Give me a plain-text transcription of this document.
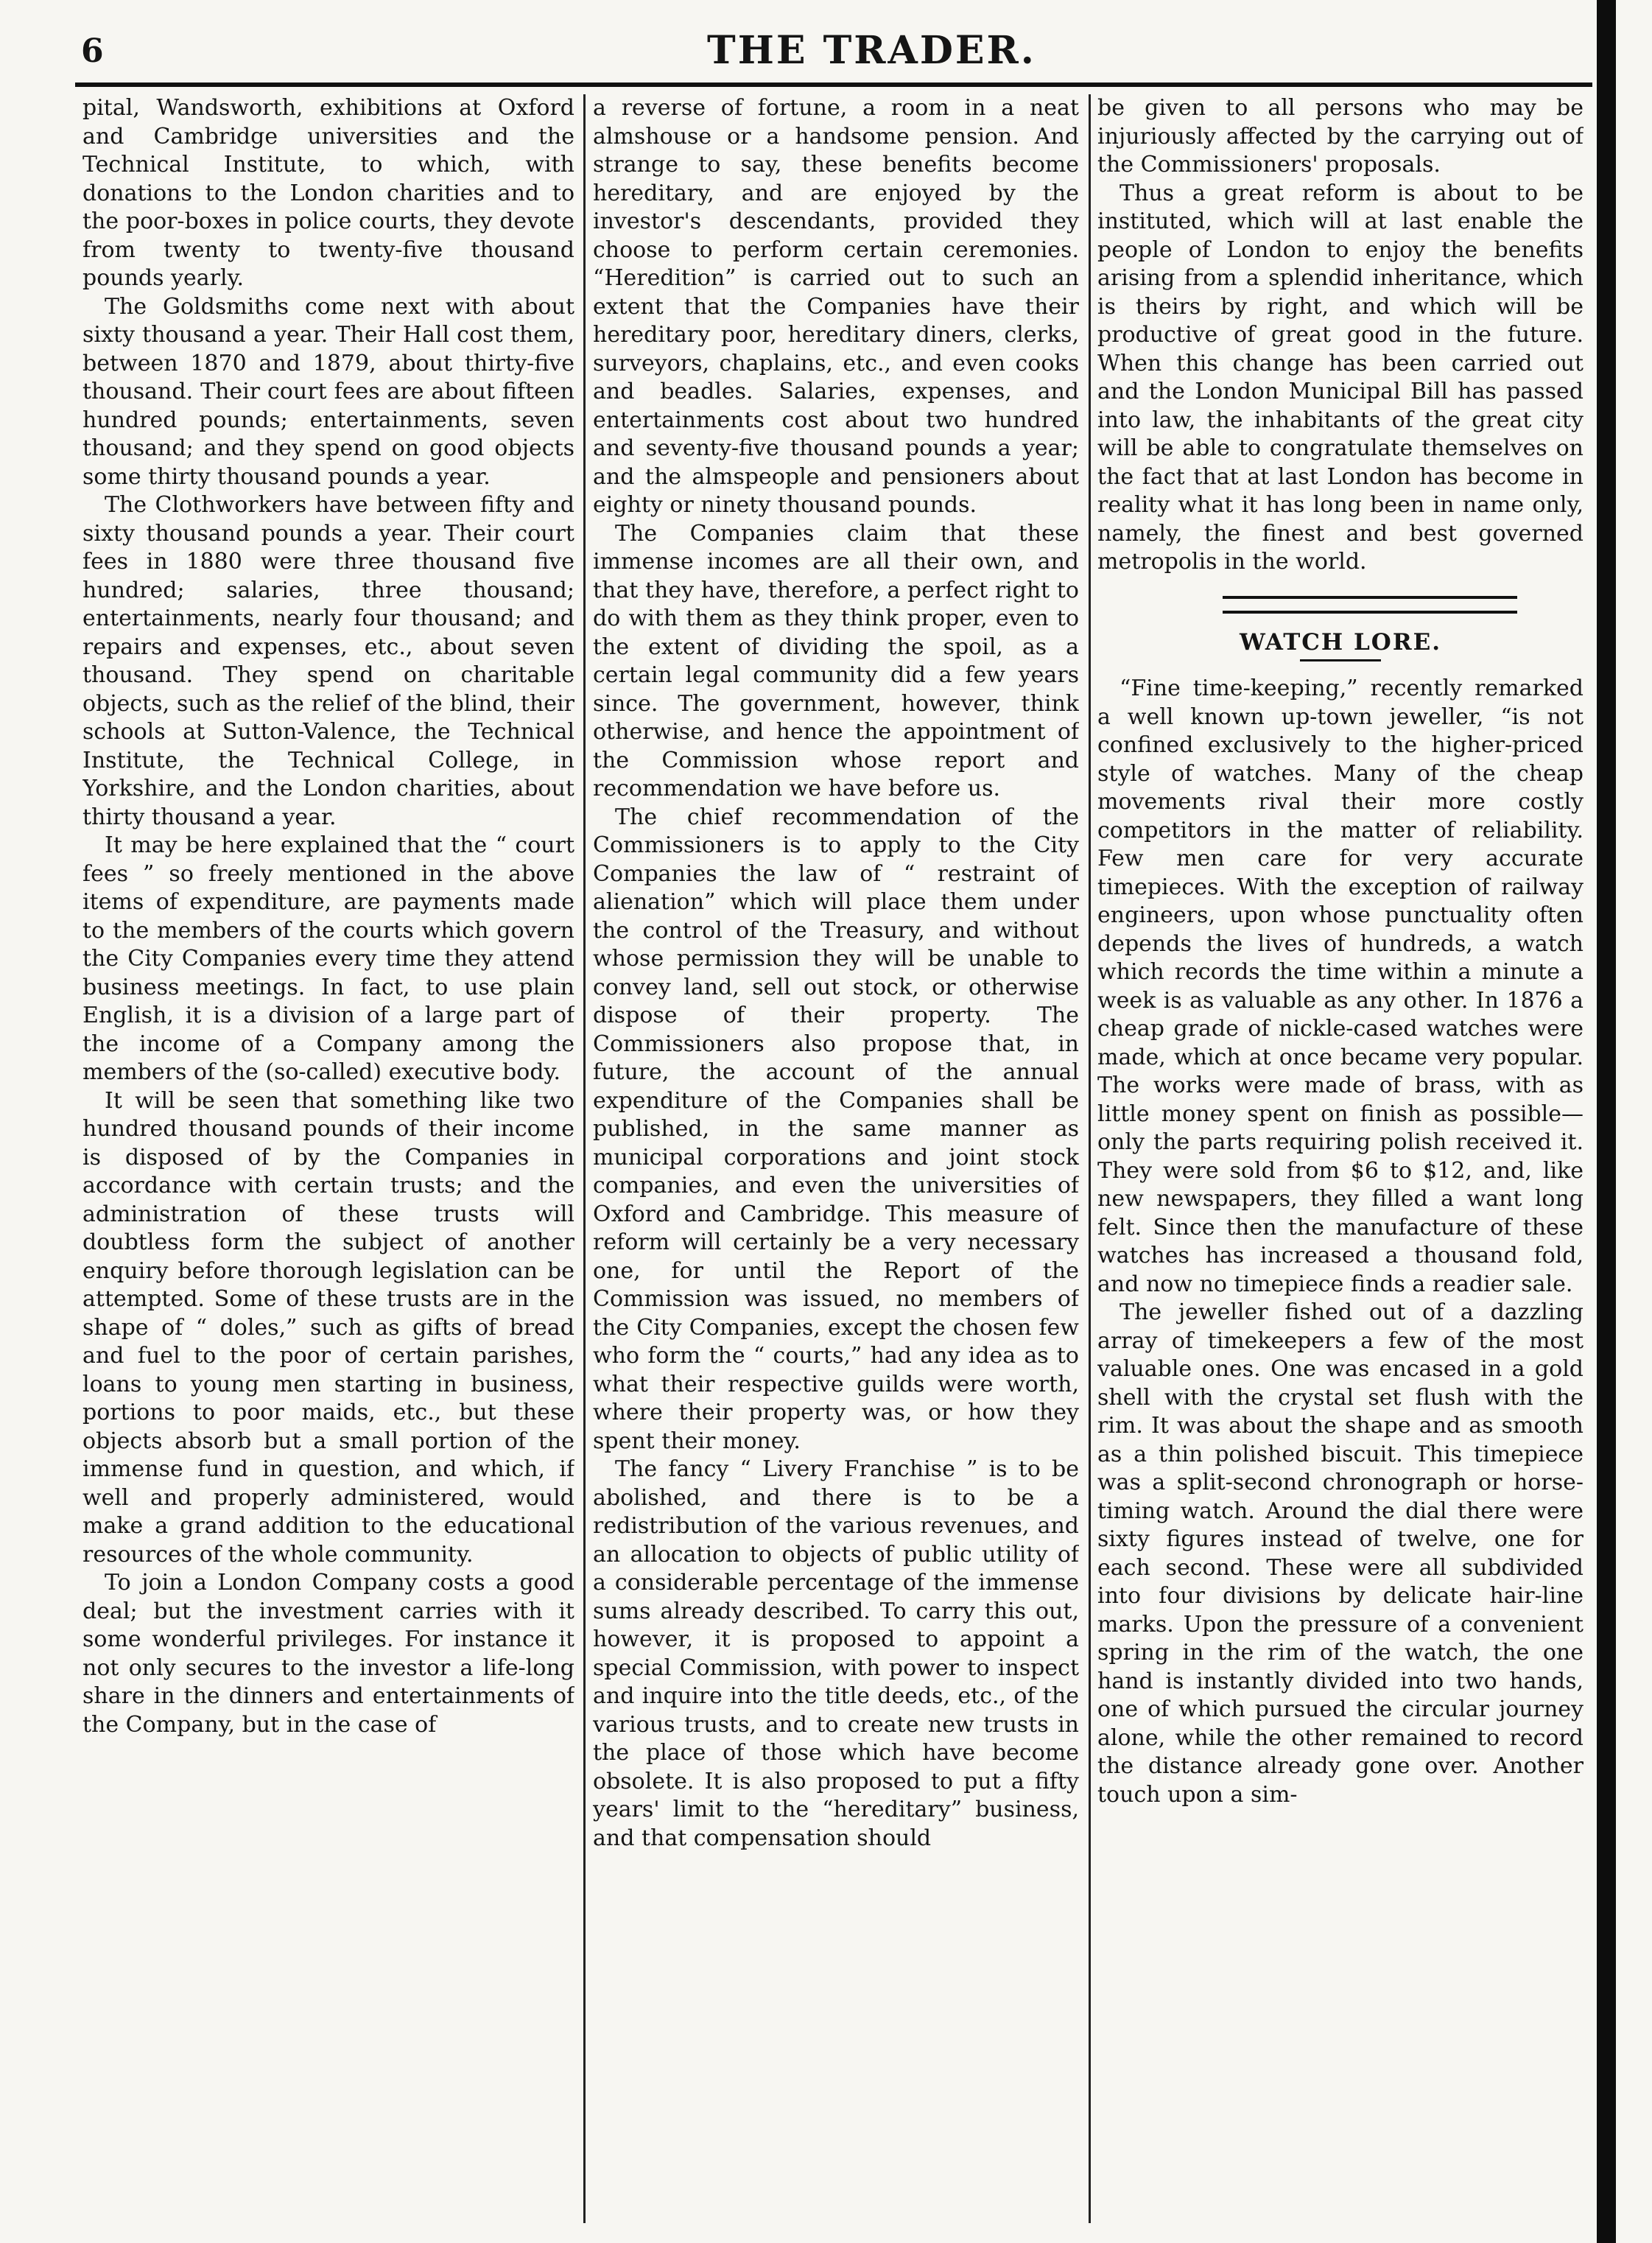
6	THE TRADER.

pital, Wandsworth, exhibitions at Oxford and Cambridge universities and the Technical Institute, to which, with donations to the London charities and to the poor-boxes in police courts, they devote from twenty to twenty-five thousand pounds yearly.

The Goldsmiths come next with about sixty thousand a year. Their Hall cost them, between 1870 and 1879, about thirty-five thousand. Their court fees are about fifteen hundred pounds; entertainments, seven thousand; and they spend on good objects some thirty thousand pounds a year.

The Clothworkers have between fifty and sixty thousand pounds a year. Their court fees in 1880 were three thousand five hundred; salaries, three thousand; entertainments, nearly four thousand; and repairs and expenses, etc., about seven thousand. They spend on charitable objects, such as the relief of the blind, their schools at Sutton-Valence, the Technical Institute, the Technical College, in Yorkshire, and the London charities, about thirty thousand a year.

It may be here explained that the “ court fees ” so freely mentioned in the above items of expenditure, are payments made to the members of the courts which govern the City Companies every time they attend business meetings. In fact, to use plain English, it is a division of a large part of the income of a Company among the members of the (so-called) executive body.

It will be seen that something like two hundred thousand pounds of their income is disposed of by the Companies in accordance with certain trusts; and the administration of these trusts will doubtless form the subject of another enquiry before thorough legislation can be attempted. Some of these trusts are in the shape of “ doles,” such as gifts of bread and fuel to the poor of certain parishes, loans to young men starting in business, portions to poor maids, etc., but these objects absorb but a small portion of the immense fund in question, and which, if well and properly administered, would make a grand addition to the educational resources of the whole community.

To join a London Company costs a good deal; but the investment carries with it some wonderful privileges. For instance it not only secures to the investor a life-long share in the dinners and entertainments of the Company, but in the case of

a reverse of fortune, a room in a neat almshouse or a handsome pension. And strange to say, these benefits become hereditary, and are enjoyed by the investor's descendants, provided they choose to perform certain ceremonies. “Heredition” is carried out to such an extent that the Companies have their hereditary poor, hereditary diners, clerks, surveyors, chaplains, etc., and even cooks and beadles. Salaries, expenses, and entertainments cost about two hundred and seventy-five thousand pounds a year; and the almspeople and pensioners about eighty or ninety thousand pounds.

The Companies claim that these immense incomes are all their own, and that they have, therefore, a perfect right to do with them as they think proper, even to the extent of dividing the spoil, as a certain legal community did a few years since. The government, however, think otherwise, and hence the appointment of the Commission whose report and recommendation we have before us.

The chief recommendation of the Commissioners is to apply to the City Companies the law of “ restraint of alienation” which will place them under the control of the Treasury, and without whose permission they will be unable to convey land, sell out stock, or otherwise dispose of their property. The Commissioners also propose that, in future, the account of the annual expenditure of the Companies shall be published, in the same manner as municipal corporations and joint stock companies, and even the universities of Oxford and Cambridge. This measure of reform will certainly be a very necessary one, for until the Report of the Commission was issued, no members of the City Companies, except the chosen few who form the “ courts,” had any idea as to what their respective guilds were worth, where their property was, or how they spent their money.

The fancy “ Livery Franchise ” is to be abolished, and there is to be a redistribution of the various revenues, and an allocation to objects of public utility of a considerable percentage of the immense sums already described. To carry this out, however, it is proposed to appoint a special Commission, with power to inspect and inquire into the title deeds, etc., of the various trusts, and to create new trusts in the place of those which have become obsolete. It is also proposed to put a fifty years' limit to the “hereditary” business, and that compensation should

be given to all persons who may be injuriously affected by the carrying out of the Commissioners' proposals.

Thus a great reform is about to be instituted, which will at last enable the people of London to enjoy the benefits arising from a splendid inheritance, which is theirs by right, and which will be productive of great good in the future. When this change has been carried out and the London Municipal Bill has passed into law, the inhabitants of the great city will be able to congratulate themselves on the fact that at last London has become in reality what it has long been in name only, namely, the finest and best governed metropolis in the world.

WATCH LORE.

“Fine time-keeping,” recently remarked a well known up-town jeweller, “is not confined exclusively to the higher-priced style of watches. Many of the cheap movements rival their more costly competitors in the matter of reliability. Few men care for very accurate timepieces. With the exception of railway engineers, upon whose punctuality often depends the lives of hundreds, a watch which records the time within a minute a week is as valuable as any other. In 1876 a cheap grade of nickle-cased watches were made, which at once became very popular. The works were made of brass, with as little money spent on finish as possible—only the parts requiring polish received it. They were sold from $6 to $12, and, like new newspapers, they filled a want long felt. Since then the manufacture of these watches has increased a thousand fold, and now no timepiece finds a readier sale.

The jeweller fished out of a dazzling array of timekeepers a few of the most valuable ones. One was encased in a gold shell with the crystal set flush with the rim. It was about the shape and as smooth as a thin polished biscuit. This timepiece was a split-second chronograph or horse-timing watch. Around the dial there were sixty figures instead of twelve, one for each second. These were all subdivided into four divisions by delicate hair-line marks. Upon the pressure of a convenient spring in the rim of the watch, the one hand is instantly divided into two hands, one of which pursued the circular journey alone, while the other remained to record the distance already gone over. Another touch upon a sim-
